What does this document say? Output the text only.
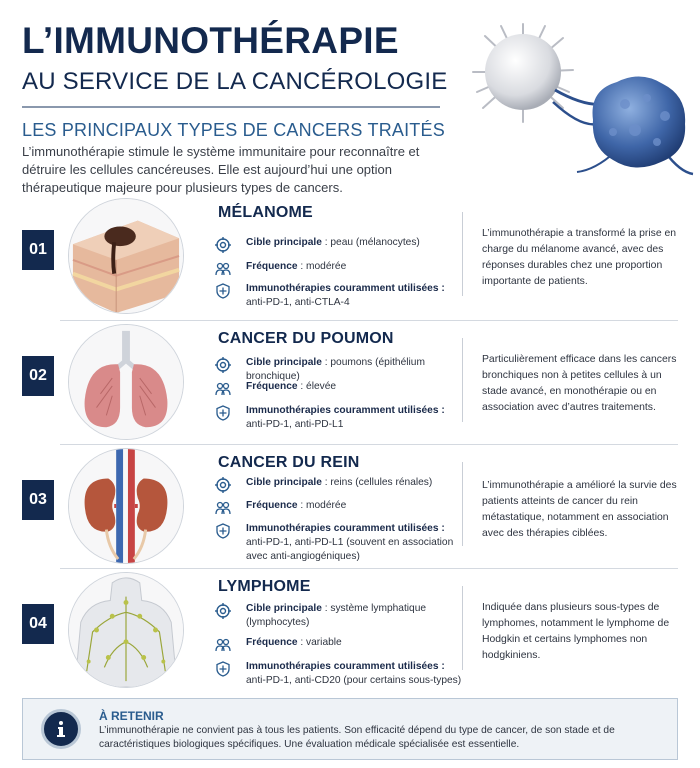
L’IMMUNOTHÉRAPIE
AU SERVICE DE LA CANCÉROLOGIE
LES PRINCIPAUX TYPES DE CANCERS TRAITÉS
L’immunothérapie stimule le système immunitaire pour reconnaître et détruire les cellules cancéreuses. Elle est aujourd’hui une option thérapeutique majeure pour plusieurs types de cancers.
01
MÉLANOME
Cible principale : peau (mélanocytes)
Fréquence : modérée
Immunothérapies couramment utilisées :
anti-PD-1, anti-CTLA-4
L’immunothérapie a transformé la prise en charge du mélanome avancé, avec des réponses durables chez une proportion importante de patients.
02
CANCER DU POUMON
Cible principale : poumons (épithélium bronchique)
Fréquence : élevée
Immunothérapies couramment utilisées :
anti-PD-1, anti-PD-L1
Particulièrement efficace dans les cancers bronchiques non à petites cellules à un stade avancé, en monothérapie ou en association avec d’autres traitements.
03
CANCER DU REIN
Cible principale : reins (cellules rénales)
Fréquence : modérée
Immunothérapies couramment utilisées :
anti-PD-1, anti-PD-L1 (souvent en association avec anti-angiogéniques)
L’immunothérapie a amélioré la survie des patients atteints de cancer du rein métastatique, notamment en association avec des thérapies ciblées.
04
LYMPHOME
Cible principale : système lymphatique (lymphocytes)
Fréquence : variable
Immunothérapies couramment utilisées :
anti-PD-1, anti-CD20 (pour certains sous-types)
Indiquée dans plusieurs sous-types de lymphomes, notamment le lymphome de Hodgkin et certains lymphomes non hodgkiniens.
À RETENIR
L’immunothérapie ne convient pas à tous les patients. Son efficacité dépend du type de cancer, de son stade et de caractéristiques biologiques spécifiques. Une évaluation médicale spécialisée est essentielle.
